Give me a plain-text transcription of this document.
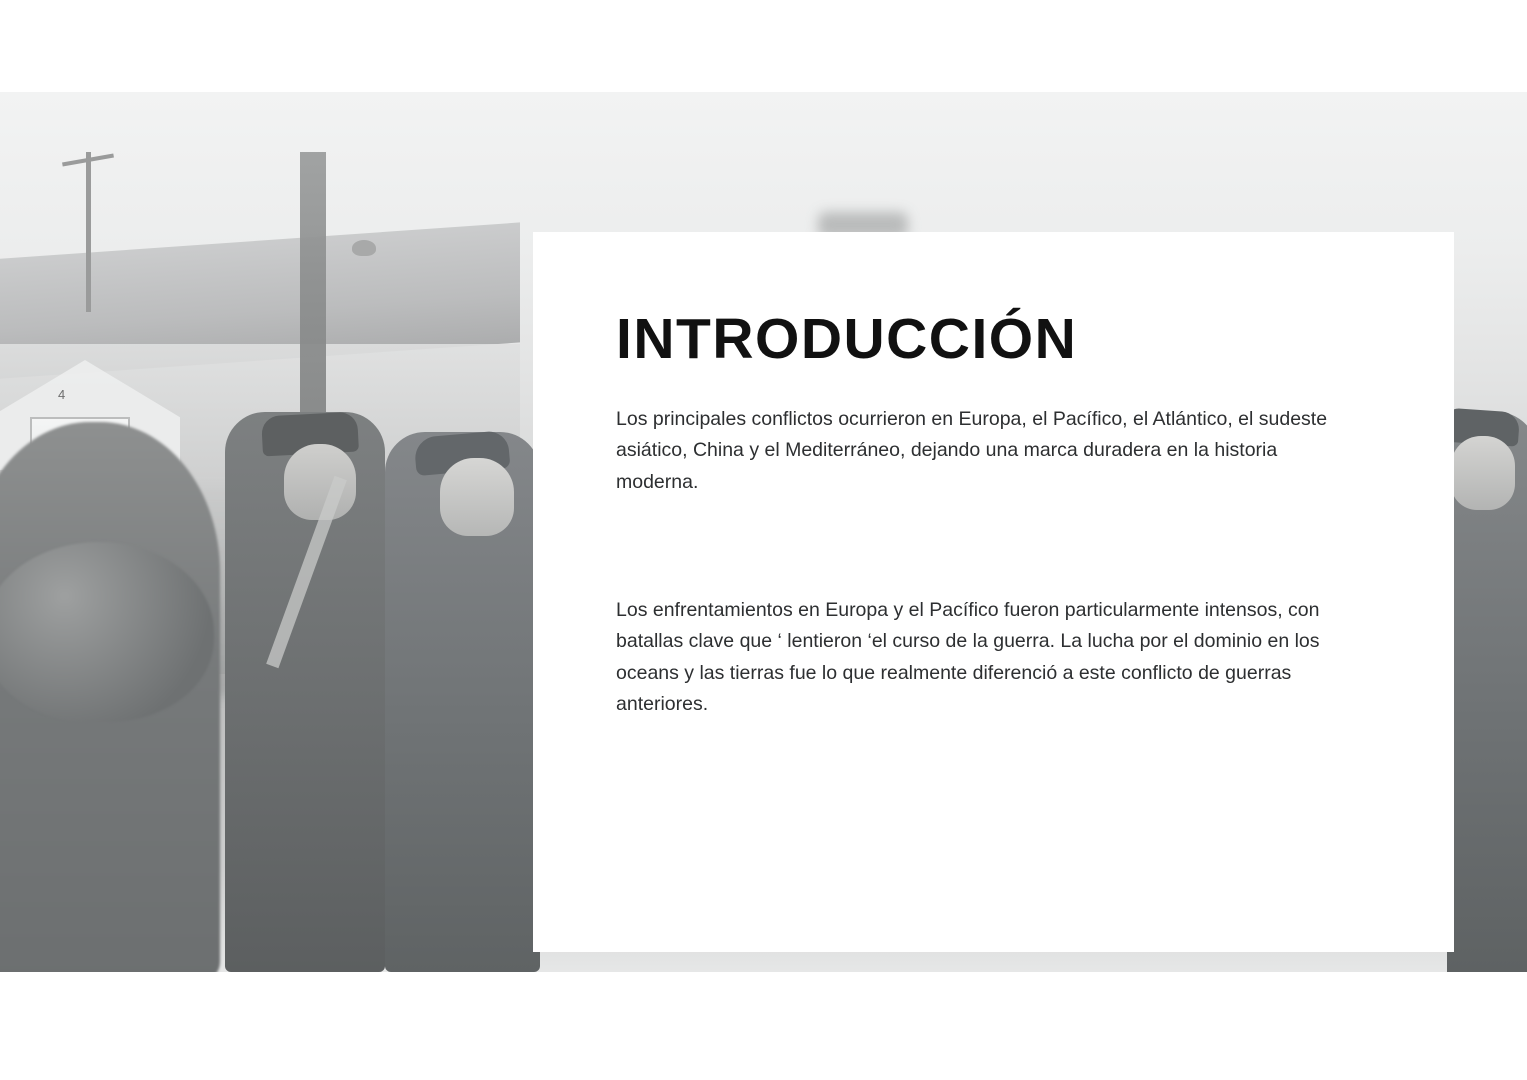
4
INTRODUCCIÓN

Los principales conflictos ocurrieron en Europa, el Pacífico, el Atlántico, el sudeste asiático, China y el Mediterráneo, dejando una marca duradera en la historia moderna.

Los enfrentamientos en Europa y el Pacífico fueron particularmente intensos, con batallas clave que ‘ lentieron ‘el curso de la guerra. La lucha por el dominio en los oceans y las tierras fue lo que realmente diferenció a este conflicto de guerras anteriores.
